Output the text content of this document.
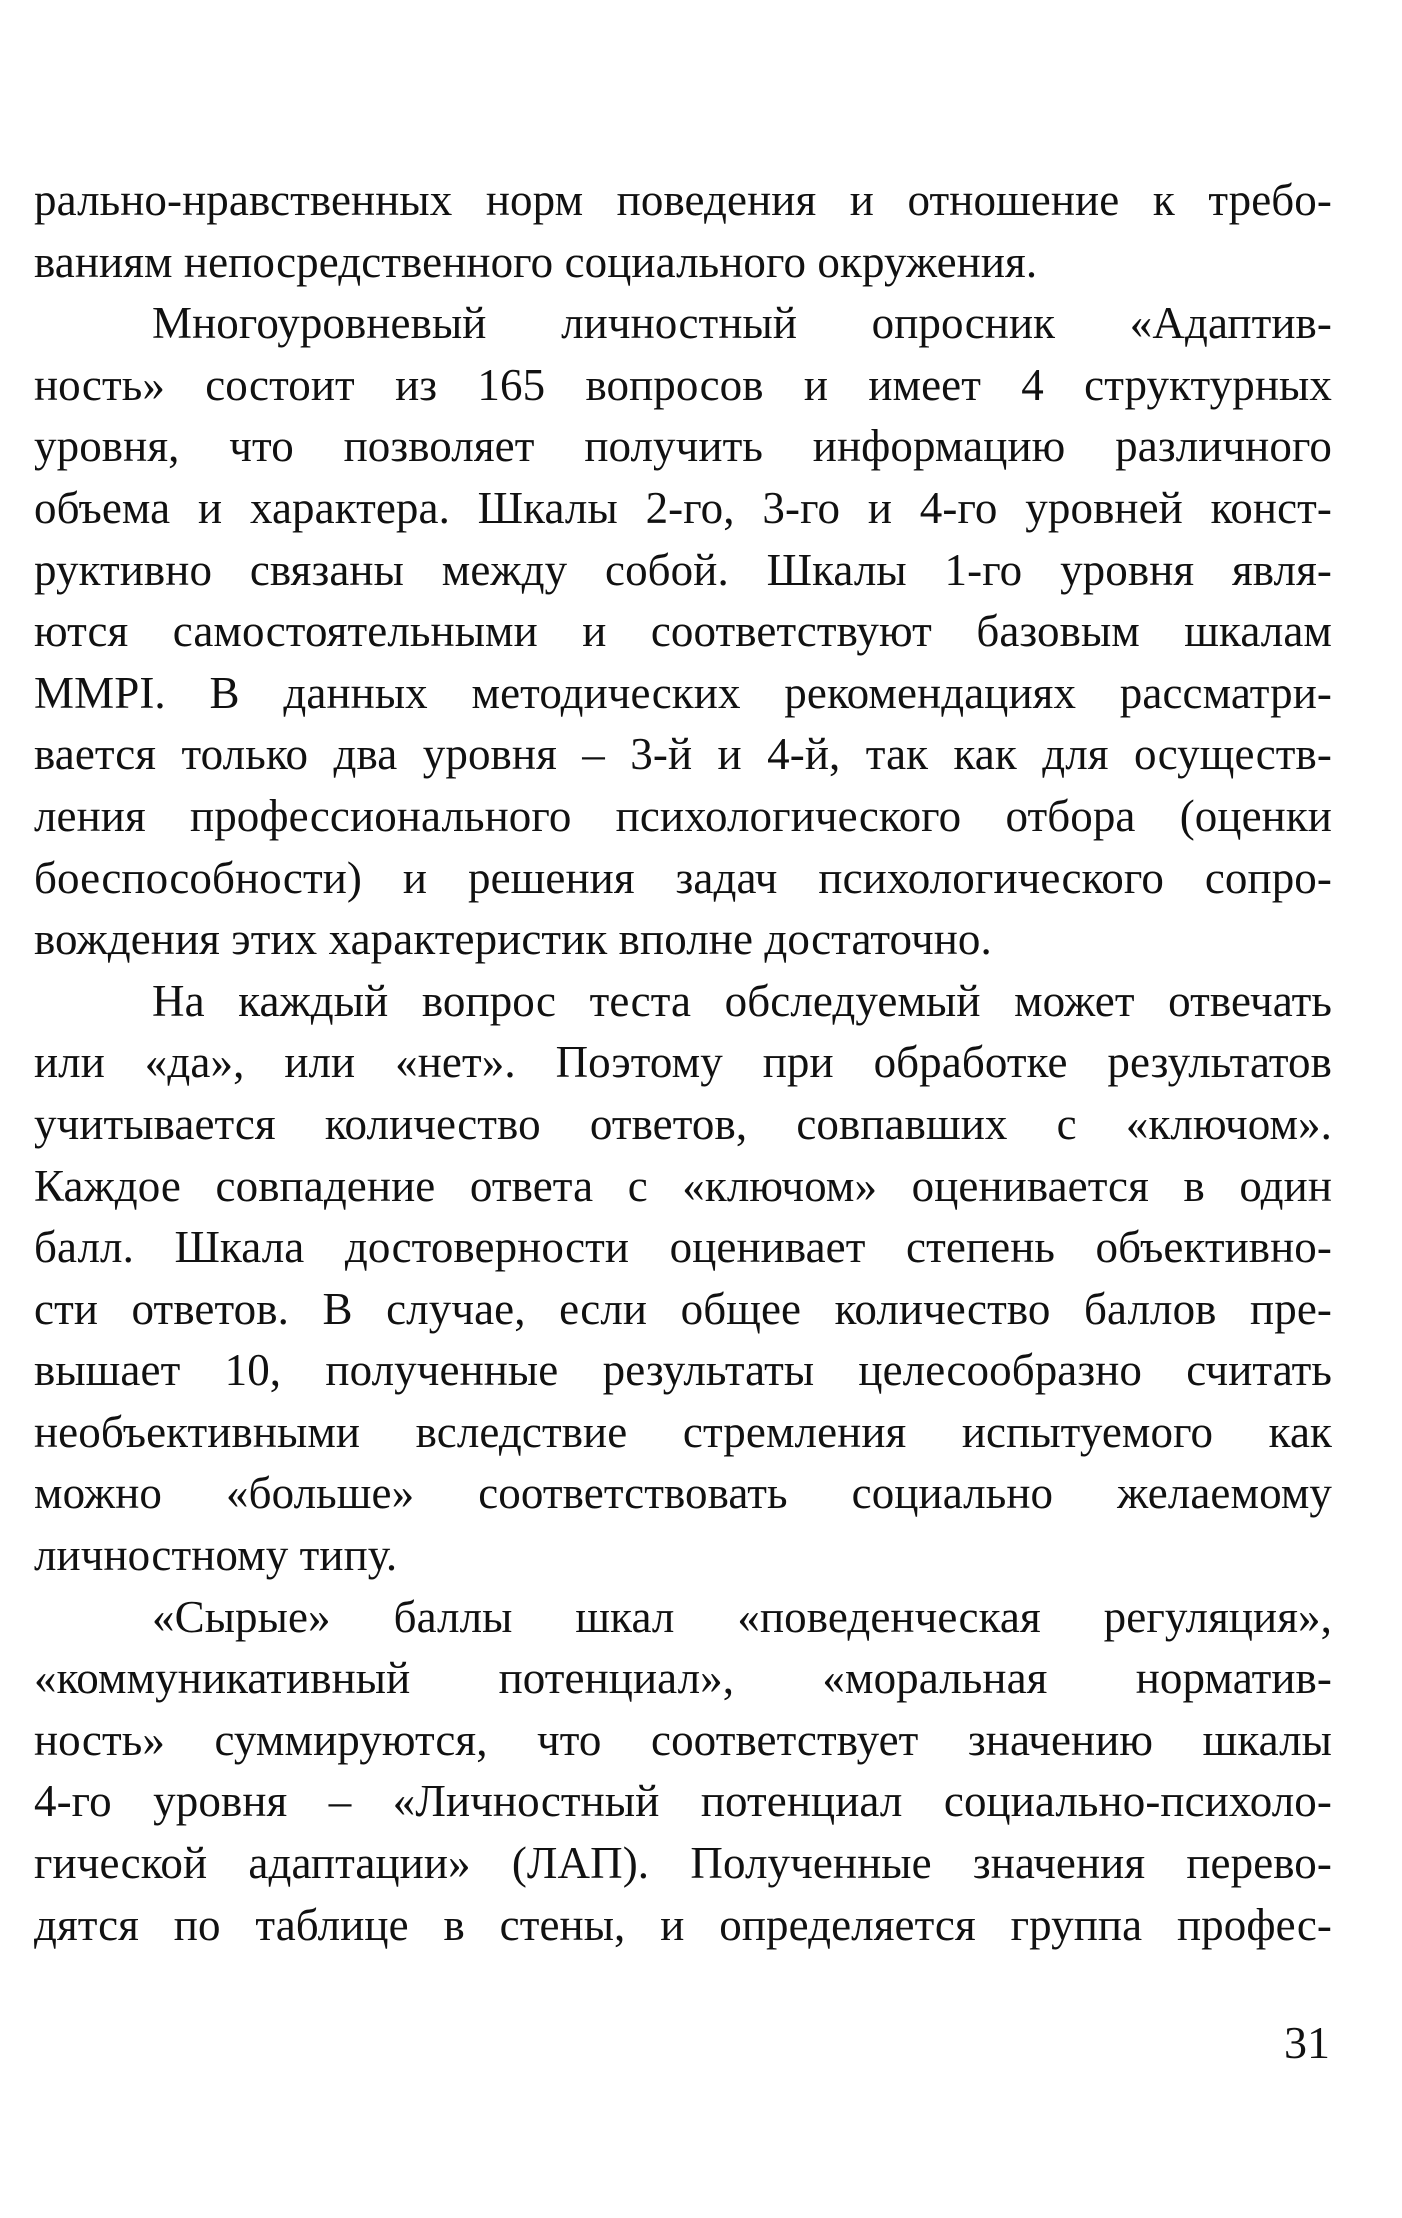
рально-нравственных норм поведения и отношение к требо-
ваниям непосредственного социального окружения.

Многоуровневый личностный опросник «Адаптив-
ность» состоит из 165 вопросов и имеет 4 структурных
уровня, что позволяет получить информацию различного
объема и характера. Шкалы 2-го, 3-го и 4-го уровней конст-
руктивно связаны между собой. Шкалы 1-го уровня явля-
ются самостоятельными и соответствуют базовым шкалам
MMPI. В данных методических рекомендациях рассматри-
вается только два уровня – 3-й и 4-й, так как для осуществ-
ления профессионального психологического отбора (оценки
боеспособности) и решения задач психологического сопро-
вождения этих характеристик вполне достаточно.

На каждый вопрос теста обследуемый может отвечать
или «да», или «нет». Поэтому при обработке результатов
учитывается количество ответов, совпавших с «ключом».
Каждое совпадение ответа с «ключом» оценивается в один
балл. Шкала достоверности оценивает степень объективно-
сти ответов. В случае, если общее количество баллов пре-
вышает 10, полученные результаты целесообразно считать
необъективными вследствие стремления испытуемого как
можно «больше» соответствовать социально желаемому
личностному типу.

«Сырые» баллы шкал «поведенческая регуляция»,
«коммуникативный потенциал», «моральная норматив-
ность» суммируются, что соответствует значению шкалы
4-го уровня – «Личностный потенциал социально-психоло-
гической адаптации» (ЛАП). Полученные значения перево-
дятся по таблице в стены, и определяется группа профес-

31
